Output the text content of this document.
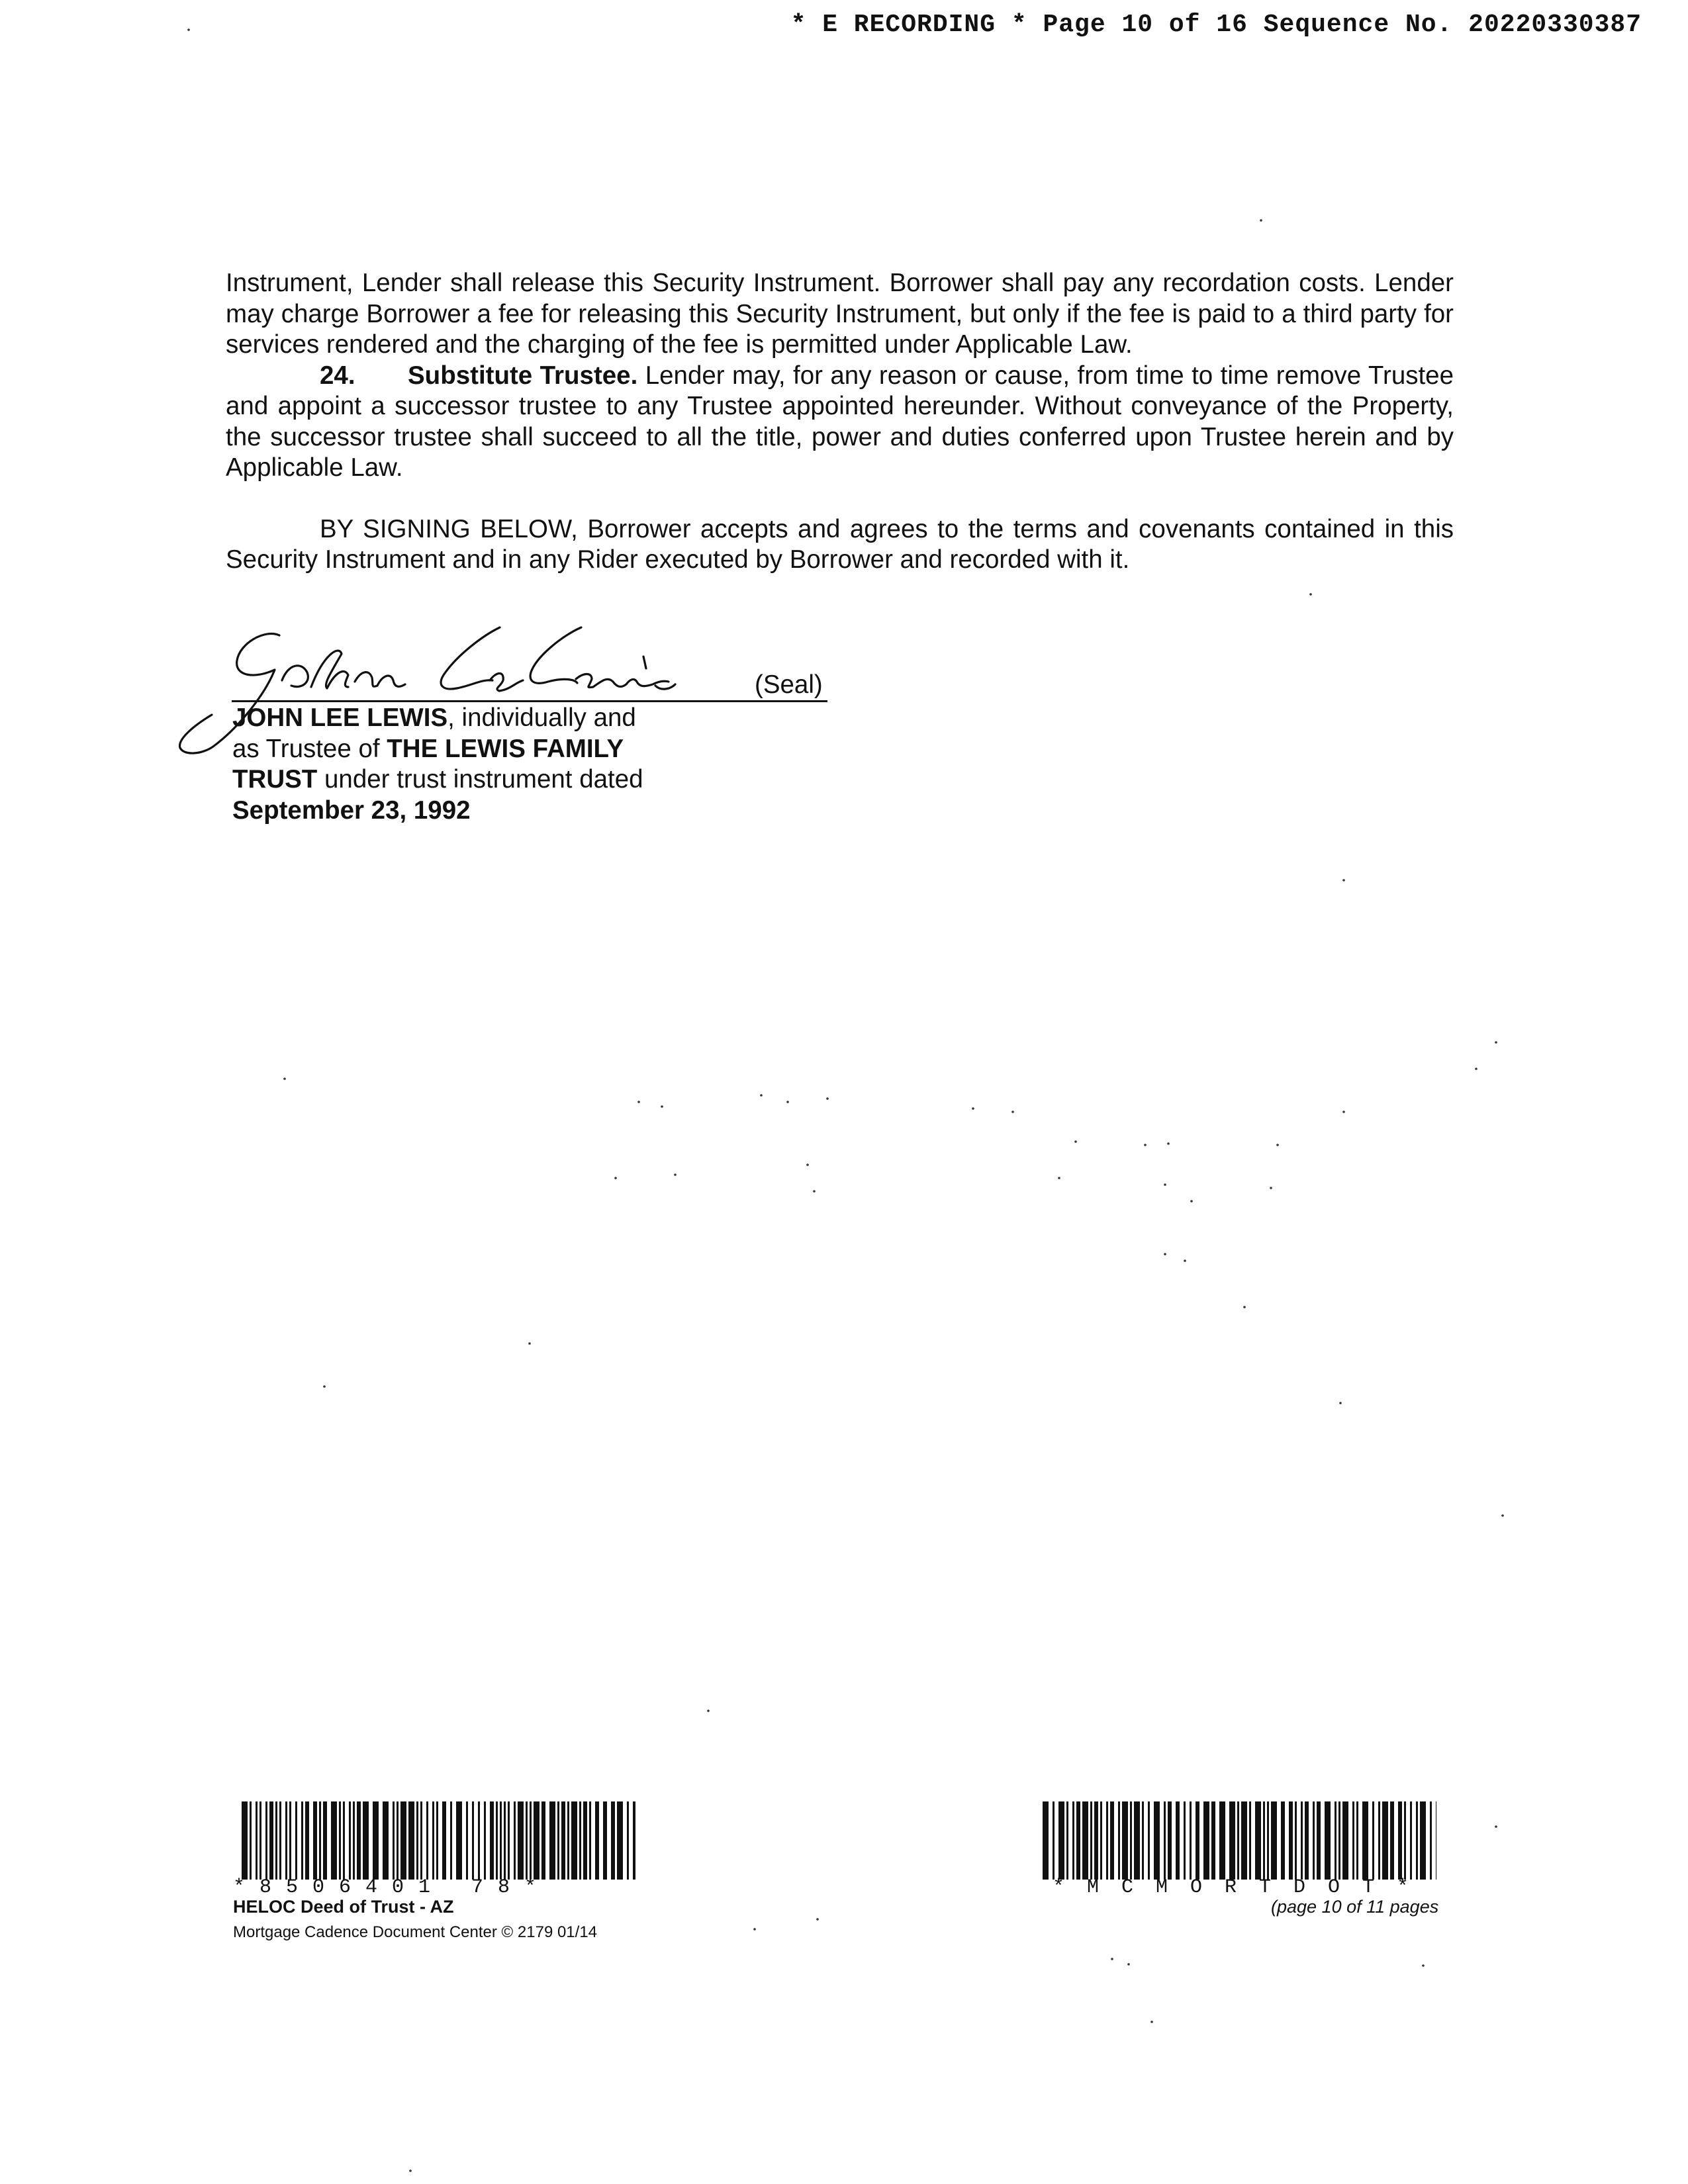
* E RECORDING * Page 10 of 16 Sequence No. 20220330387

Instrument, Lender shall release this Security Instrument. Borrower shall pay any recordation costs. Lender may charge Borrower a fee for releasing this Security Instrument, but only if the fee is paid to a third party for services rendered and the charging of the fee is permitted under Applicable Law.

24. Substitute Trustee. Lender may, for any reason or cause, from time to time remove Trustee and appoint a successor trustee to any Trustee appointed hereunder. Without conveyance of the Property, the successor trustee shall succeed to all the title, power and duties conferred upon Trustee herein and by Applicable Law.

BY SIGNING BELOW, Borrower accepts and agrees to the terms and covenants contained in this Security Instrument and in any Rider executed by Borrower and recorded with it.

(Seal)
JOHN LEE LEWIS, individually and
as Trustee of THE LEWIS FAMILY
TRUST under trust instrument dated
September 23, 1992
*8506401 78*	*MCMORTDOT*
HELOC Deed of Trust - AZ
Mortgage Cadence Document Center © 2179 01/14
(page 10 of 11 pages
